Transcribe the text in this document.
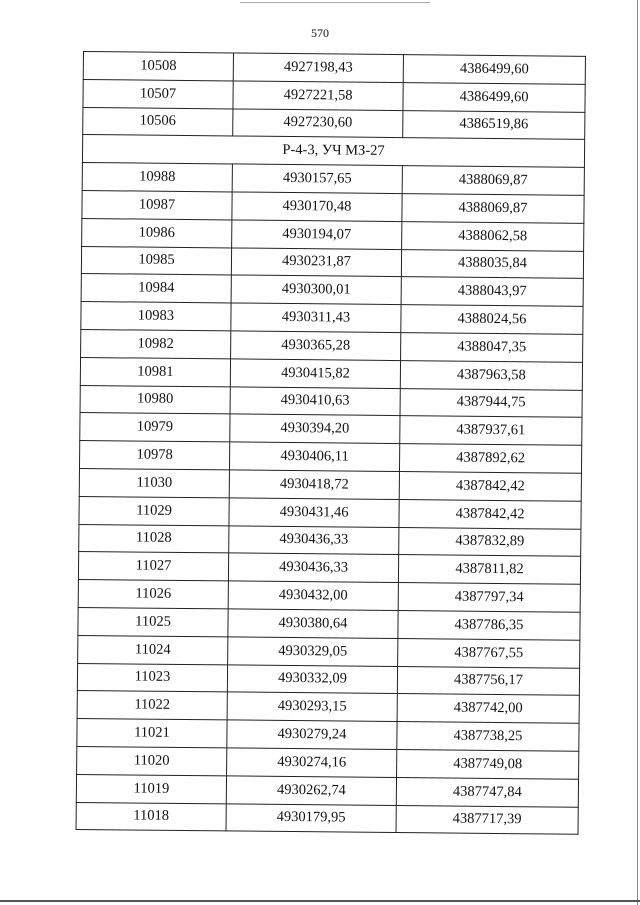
570
10508	4927198,43	4386499,60
10507	4927221,58	4386499,60
10506	4927230,60	4386519,86
Р-4-3, УЧ МЗ-27		
10988	4930157,65	4388069,87
10987	4930170,48	4388069,87
10986	4930194,07	4388062,58
10985	4930231,87	4388035,84
10984	4930300,01	4388043,97
10983	4930311,43	4388024,56
10982	4930365,28	4388047,35
10981	4930415,82	4387963,58
10980	4930410,63	4387944,75
10979	4930394,20	4387937,61
10978	4930406,11	4387892,62
11030	4930418,72	4387842,42
11029	4930431,46	4387842,42
11028	4930436,33	4387832,89
11027	4930436,33	4387811,82
11026	4930432,00	4387797,34
11025	4930380,64	4387786,35
11024	4930329,05	4387767,55
11023	4930332,09	4387756,17
11022	4930293,15	4387742,00
11021	4930279,24	4387738,25
11020	4930274,16	4387749,08
11019	4930262,74	4387747,84
11018	4930179,95	4387717,39
